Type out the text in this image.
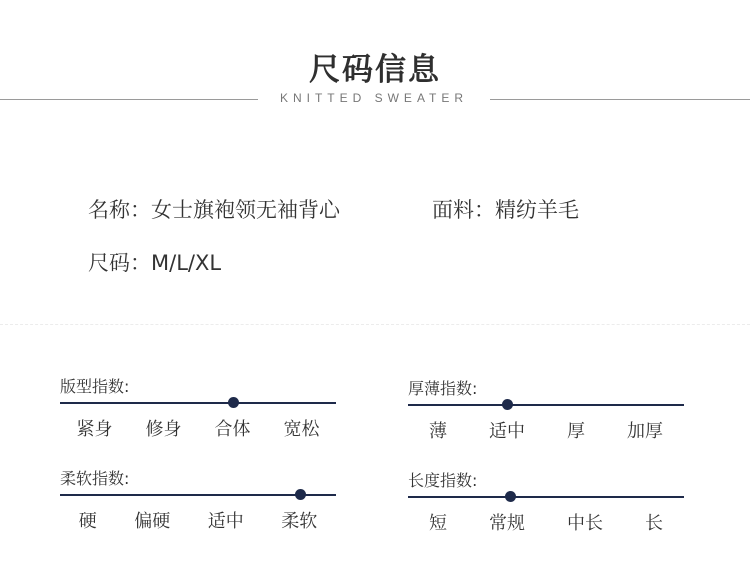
尺码信息
KNITTED SWEATER
名称：女士旗袍领无袖背心	面料：精纺羊毛
尺码：M/L/XL
版型指数:
紧身 修身 合体 宽松
厚薄指数:
薄 适中 厚 加厚
柔软指数:
硬 偏硬 适中 柔软
长度指数:
短 常规 中长 长
